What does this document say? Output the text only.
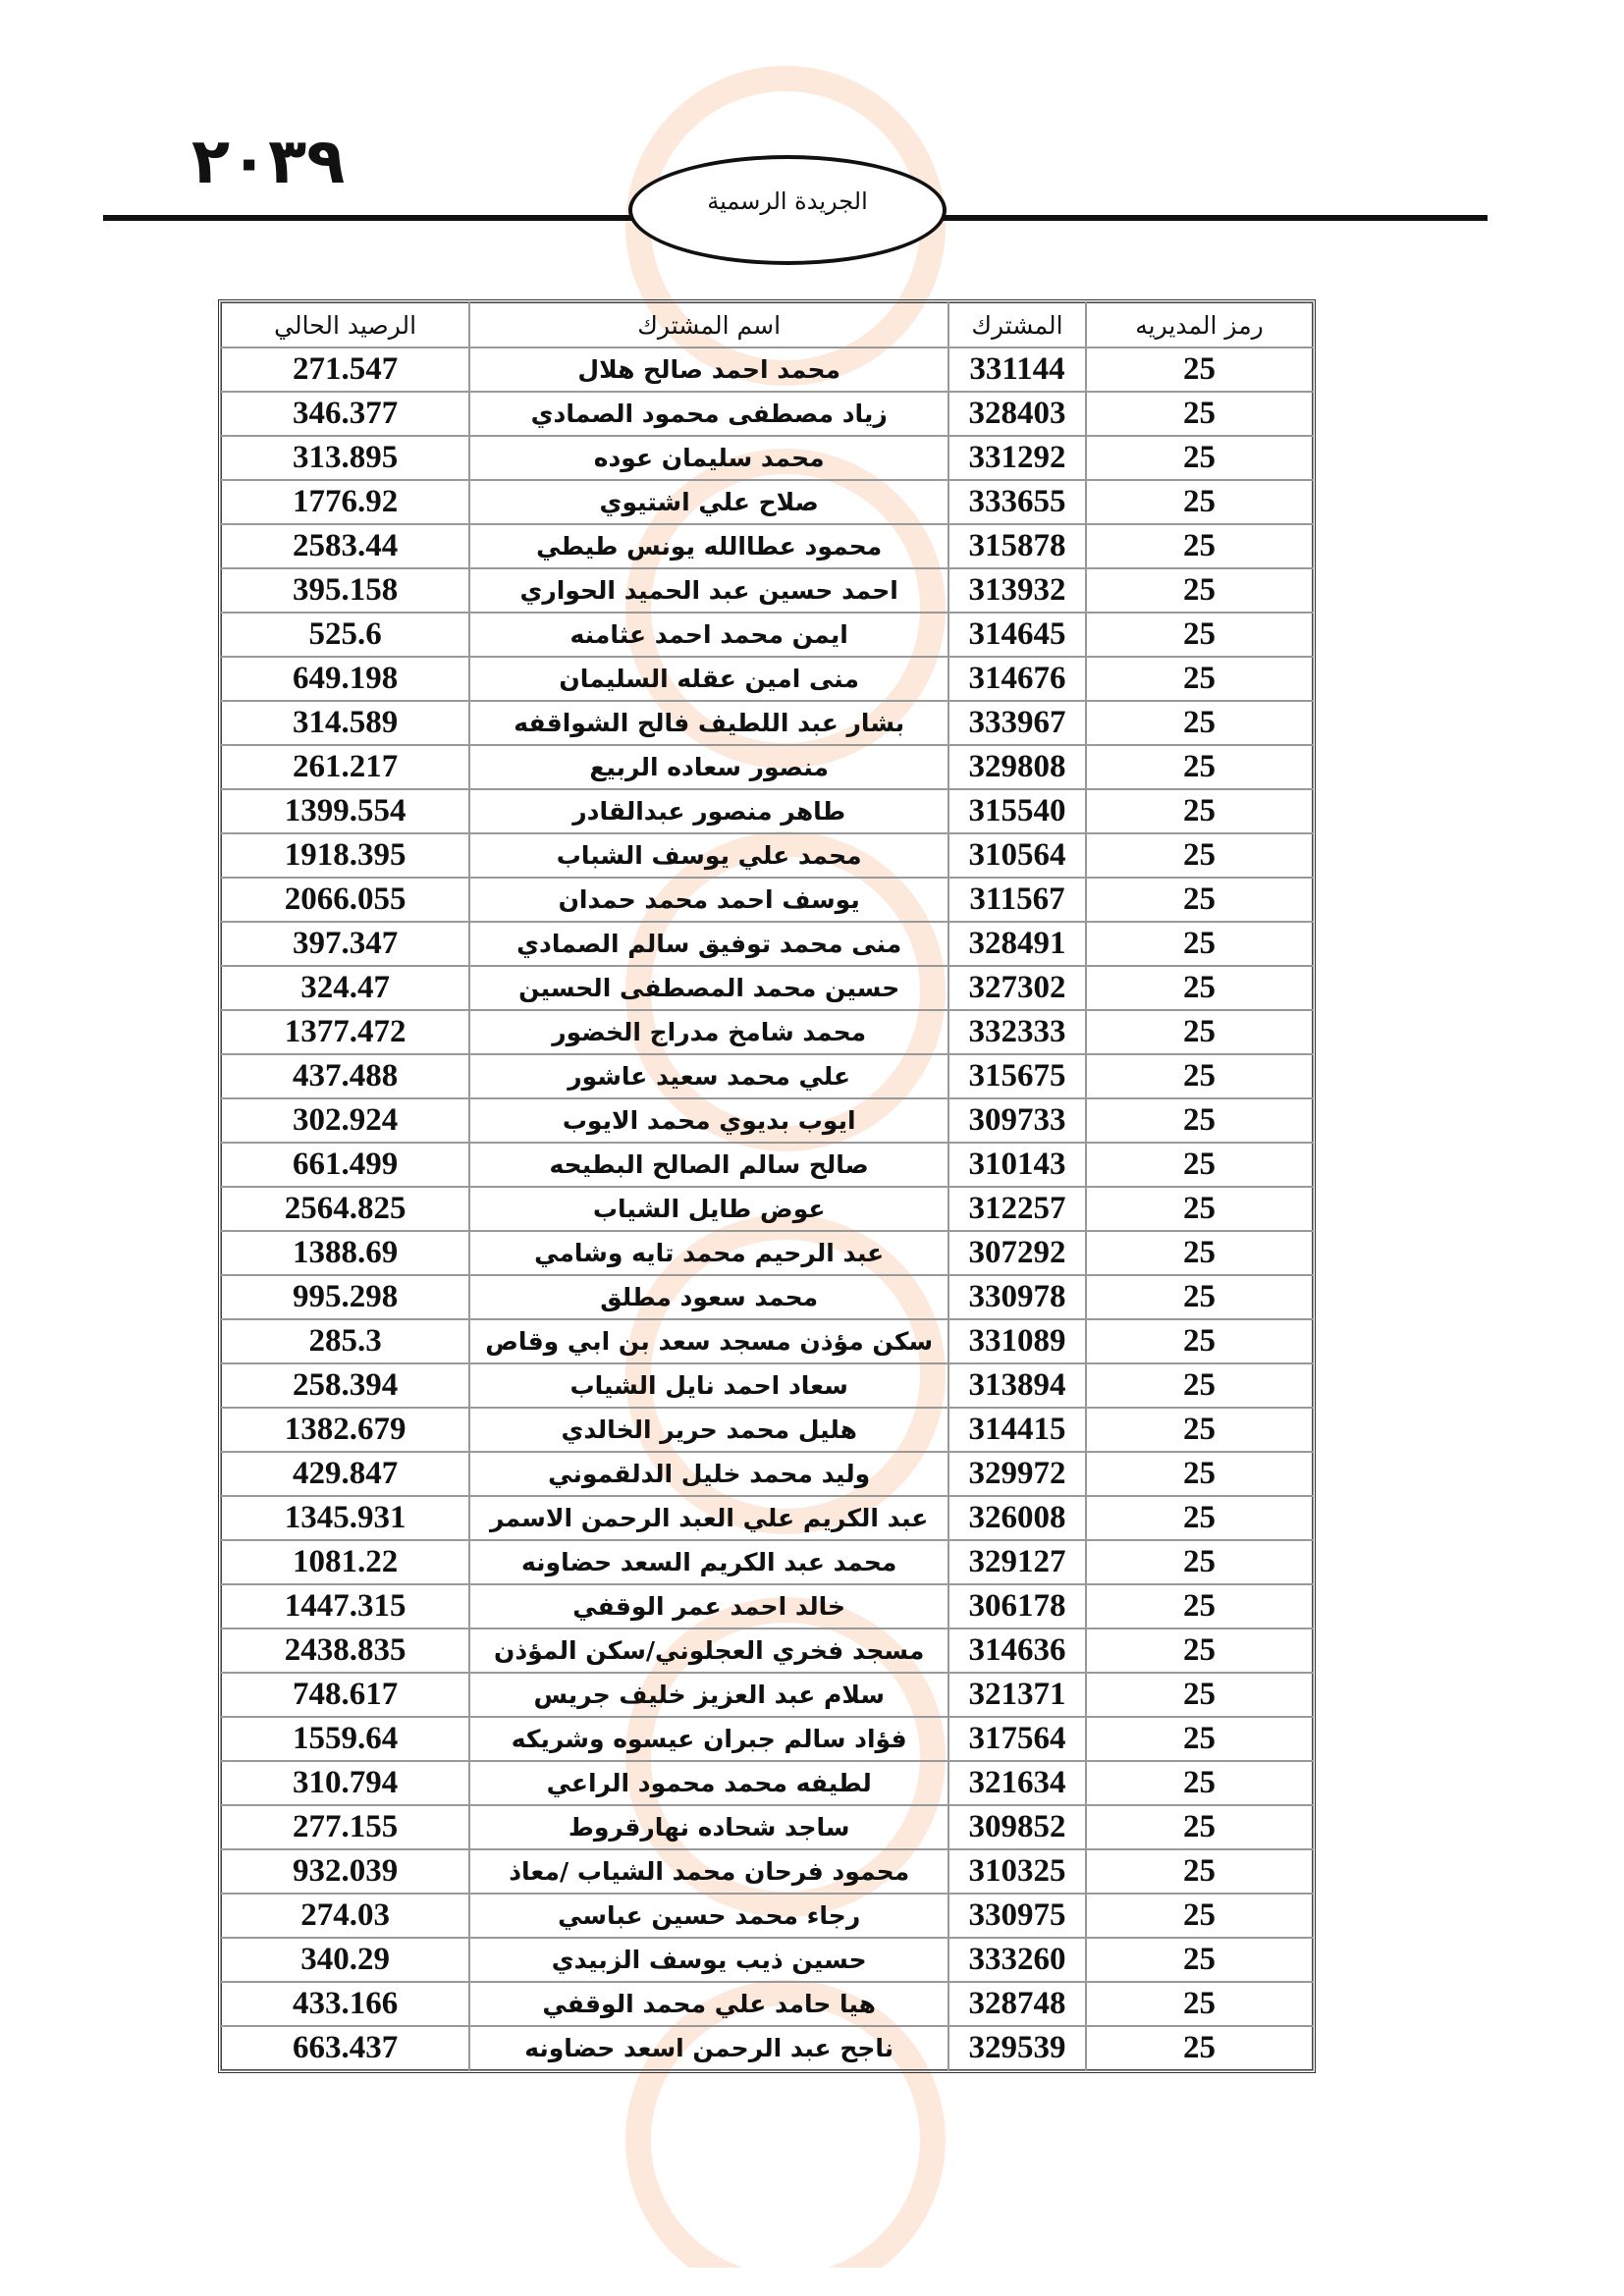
٢٠٣٩
الجريدة الرسمية
رمز المديريه	المشترك	اسم المشترك	الرصيد الحالي
25	331144	محمد احمد صالح هلال	271.547
25	328403	زياد مصطفى محمود الصمادي	346.377
25	331292	محمد سليمان عوده	313.895
25	333655	صلاح علي اشتيوي	1776.92
25	315878	محمود عطاالله يونس طيطي	2583.44
25	313932	احمد حسين عبد الحميد الحواري	395.158
25	314645	ايمن محمد احمد عثامنه	525.6
25	314676	منى امين عقله السليمان	649.198
25	333967	بشار عبد اللطيف فالح الشواقفه	314.589
25	329808	منصور سعاده الربيع	261.217
25	315540	طاهر منصور عبدالقادر	1399.554
25	310564	محمد علي يوسف الشباب	1918.395
25	311567	يوسف احمد محمد حمدان	2066.055
25	328491	منى محمد توفيق سالم الصمادي	397.347
25	327302	حسين محمد المصطفى الحسين	324.47
25	332333	محمد شامخ مدراج الخضور	1377.472
25	315675	علي محمد سعيد عاشور	437.488
25	309733	ايوب بديوي محمد الايوب	302.924
25	310143	صالح سالم الصالح البطيحه	661.499
25	312257	عوض طايل الشياب	2564.825
25	307292	عبد الرحيم محمد تايه وشامي	1388.69
25	330978	محمد سعود مطلق	995.298
25	331089	سكن مؤذن مسجد سعد بن ابي وقاص	285.3
25	313894	سعاد احمد نايل الشياب	258.394
25	314415	هليل محمد حرير الخالدي	1382.679
25	329972	وليد محمد خليل الدلقموني	429.847
25	326008	عبد الكريم علي العبد الرحمن الاسمر	1345.931
25	329127	محمد عبد الكريم السعد حضاونه	1081.22
25	306178	خالد احمد عمر الوقفي	1447.315
25	314636	مسجد فخري العجلوني/سكن المؤذن	2438.835
25	321371	سلام عبد العزيز خليف جريس	748.617
25	317564	فؤاد سالم جبران عيسوه وشريكه	1559.64
25	321634	لطيفه محمد محمود الراعي	310.794
25	309852	ساجد شحاده نهارقروط	277.155
25	310325	محمود فرحان محمد الشياب /معاذ	932.039
25	330975	رجاء محمد حسين عباسي	274.03
25	333260	حسين ذيب يوسف الزبيدي	340.29
25	328748	هيا حامد علي محمد الوقفي	433.166
25	329539	ناجح عبد الرحمن اسعد حضاونه	663.437
